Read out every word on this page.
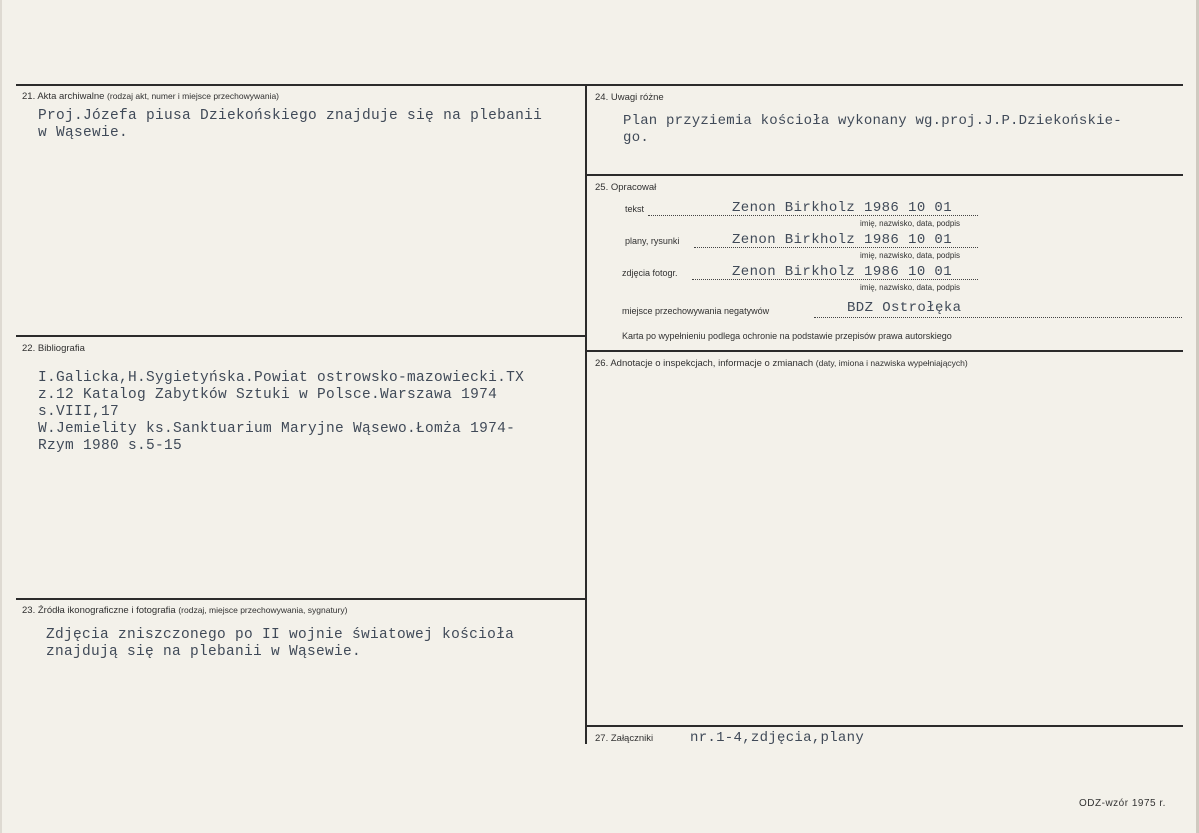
21. Akta archiwalne (rodzaj akt, numer i miejsce przechowywania)
Proj.Józefa piusa Dziekońskiego znajduje się na plebanii
w Wąsewie.
22. Bibliografia
I.Galicka,H.Sygietyńska.Powiat ostrowsko-mazowiecki.TX
z.12 Katalog Zabytków Sztuki w Polsce.Warszawa 1974
s.VIII,17
W.Jemielity ks.Sanktuarium Maryjne Wąsewo.Łomża 1974-
Rzym 1980 s.5-15
23. Źródła ikonograficzne i fotografia (rodzaj, miejsce przechowywania, sygnatury)
Zdjęcia zniszczonego po II wojnie światowej kościoła
znajdują się na plebanii w Wąsewie.
24. Uwagi różne
Plan przyziemia kościoła wykonany wg.proj.J.P.Dziekońskie-
go.
25. Opracował
tekst	Zenon Birkholz 1986 10 01
imię, nazwisko, data, podpis
plany, rysunki	Zenon Birkholz 1986 10 01
imię, nazwisko, data, podpis
zdjęcia fotogr.	Zenon Birkholz 1986 10 01
imię, nazwisko, data, podpis
miejsce przechowywania negatywów	BDZ Ostrołęka
Karta po wypełnieniu podlega ochronie na podstawie przepisów prawa autorskiego
26. Adnotacje o inspekcjach, informacje o zmianach (daty, imiona i nazwiska wypełniających)
27. Załączniki	nr.1-4,zdjęcia,plany
ODZ-wzór 1975 r.
